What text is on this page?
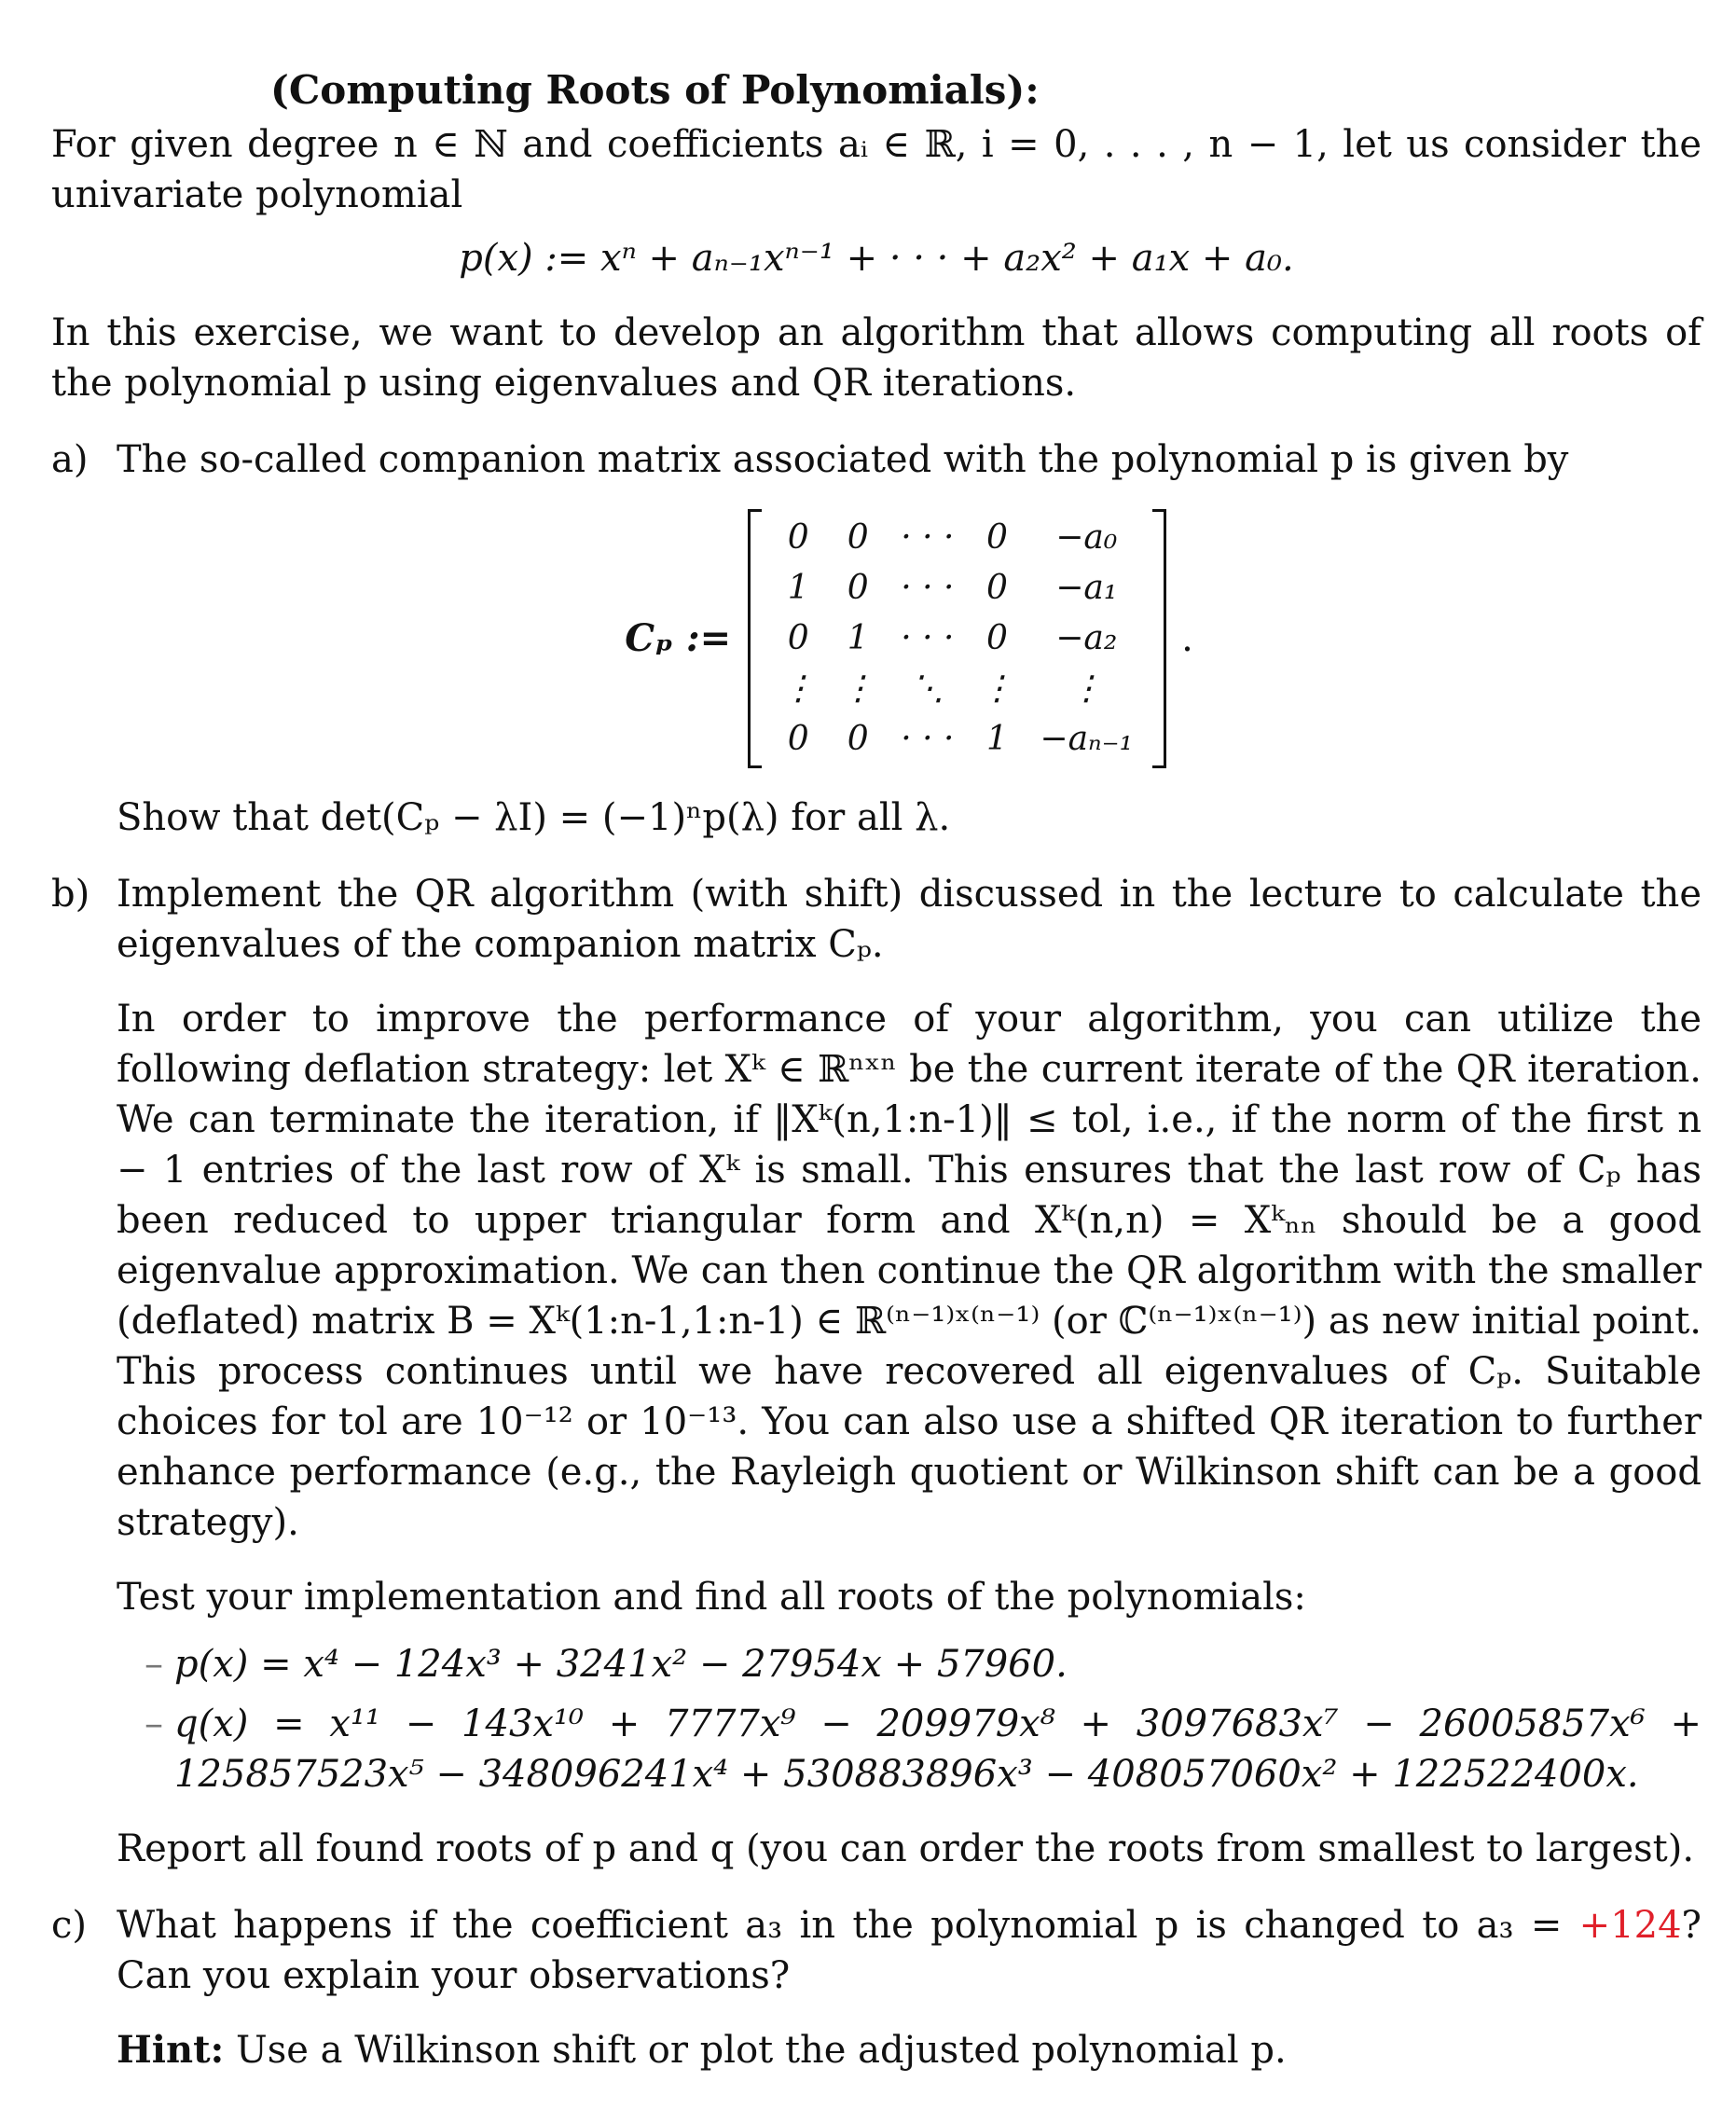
(Computing Roots of Polynomials):
For given degree n ∈ ℕ and coefficients aᵢ ∈ ℝ, i = 0, . . . , n − 1, let us consider the univariate polynomial
p(x) := xⁿ + aₙ₋₁xⁿ⁻¹ + · · · + a₂x² + a₁x + a₀.
In this exercise, we want to develop an algorithm that allows computing all roots of the polynomial p using eigenvalues and QR iterations.
a) The so-called companion matrix associated with the polynomial p is given by
Cₚ :=
0	0	· · ·	0	−a₀
1	0	· · ·	0	−a₁
0	1	· · ·	0	−a₂
⋮	⋮	⋱	⋮	⋮
0	0	· · ·	1	−aₙ₋₁
.
Show that det(Cₚ − λI) = (−1)ⁿp(λ) for all λ.
b) Implement the QR algorithm (with shift) discussed in the lecture to calculate the eigenvalues of the companion matrix Cₚ.
In order to improve the performance of your algorithm, you can utilize the following deflation strategy: let Xᵏ ∈ ℝⁿˣⁿ be the current iterate of the QR iteration. We can terminate the iteration, if ‖Xᵏ(n,1:n-1)‖ ≤ tol, i.e., if the norm of the first n − 1 entries of the last row of Xᵏ is small. This ensures that the last row of Cₚ has been reduced to upper triangular form and Xᵏ(n,n) = Xᵏₙₙ should be a good eigenvalue approximation. We can then continue the QR algorithm with the smaller (deflated) matrix B = Xᵏ(1:n-1,1:n-1) ∈ ℝ⁽ⁿ⁻¹⁾ˣ⁽ⁿ⁻¹⁾ (or ℂ⁽ⁿ⁻¹⁾ˣ⁽ⁿ⁻¹⁾) as new initial point. This process continues until we have recovered all eigenvalues of Cₚ. Suitable choices for tol are 10⁻¹² or 10⁻¹³. You can also use a shifted QR iteration to further enhance performance (e.g., the Rayleigh quotient or Wilkinson shift can be a good strategy).
Test your implementation and find all roots of the polynomials:
– p(x) = x⁴ − 124x³ + 3241x² − 27954x + 57960.
– q(x) = x¹¹ − 143x¹⁰ + 7777x⁹ − 209979x⁸ + 3097683x⁷ − 26005857x⁶ + 125857523x⁵ − 348096241x⁴ + 530883896x³ − 408057060x² + 122522400x.
Report all found roots of p and q (you can order the roots from smallest to largest).
c) What happens if the coefficient a₃ in the polynomial p is changed to a₃ = +124? Can you explain your observations?
Hint: Use a Wilkinson shift or plot the adjusted polynomial p.
